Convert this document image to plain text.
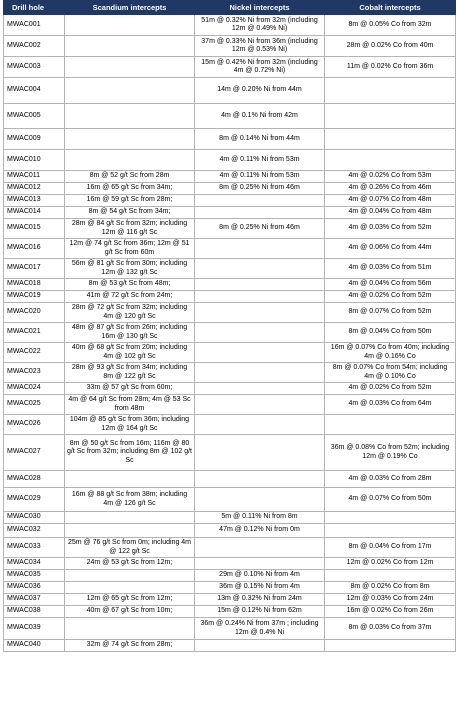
Drill hole	Scandium intercepts	Nickel intercepts	Cobalt intercepts
MWAC001		51m @ 0.32% Ni from 32m (including 12m @ 0.49% Ni)	8m @ 0.05% Co from 32m
MWAC002		37m @ 0.33% Ni from 36m (including 12m @ 0.53% Ni)	28m @ 0.02% Co from 40m
MWAC003		15m @ 0.42% Ni from 32m (including 4m @ 0.72% Ni)	11m @ 0.02% Co from 36m
MWAC004		14m @ 0.20% Ni from 44m	
MWAC005		4m @ 0.1% Ni from 42m	
MWAC009		8m @ 0.14% Ni from 44m	
MWAC010		4m @ 0.11% Ni from 53m	
MWAC011	8m @ 52 g/t Sc from 28m	4m @ 0.11% Ni from 53m	4m @ 0.02% Co from 53m
MWAC012	16m @ 65 g/t Sc from 34m;	8m @ 0.25% Ni from 46m	4m @ 0.26% Co from 46m
MWAC013	16m @ 59 g/t Sc from 28m;		4m @ 0.07% Co from 48m
MWAC014	8m @ 54 g/t Sc from 34m;		4m @ 0.04% Co from 48m
MWAC015	28m @ 84 g/t Sc from 32m; including 12m @ 116 g/t Sc	8m @ 0.25% Ni from 46m	4m @ 0.03% Co from 52m
MWAC016	12m @ 74 g/t Sc from 36m; 12m @ 51 g/t Sc from 60m		4m @ 0.06% Co from 44m
MWAC017	56m @ 81 g/t Sc from 30m; including 12m @ 132 g/t Sc		4m @ 0.03% Co from 51m
MWAC018	8m @ 53 g/t Sc from 48m;		4m @ 0.04% Co from 56m
MWAC019	41m @ 72 g/t Sc from 24m;		4m @ 0.02% Co from 52m
MWAC020	28m @ 72 g/t Sc from 32m; including 4m @ 120 g/t Sc		8m @ 0.07% Co from 52m
MWAC021	48m @ 87 g/t Sc from 26m; including 16m @ 130 g/t Sc		8m @ 0.04% Co from 50m
MWAC022	40m @ 68 g/t Sc from 20m; including 4m @ 102 g/t Sc		16m @ 0.07% Co from 40m; including 4m @ 0.16% Co
MWAC023	28m @ 93 g/t Sc from 34m; including 8m @ 122 g/t Sc		8m @ 0.07% Co from 54m; including 4m @ 0.10% Co
MWAC024	33m @ 57 g/t Sc from 60m;		4m @ 0.02% Co from 52m
MWAC025	4m @ 64 g/t Sc from 28m; 4m @ 53 Sc from 48m		4m @ 0.03% Co from 64m
MWAC026	104m @ 85 g/t Sc from 36m; including 12m @ 164 g/t Sc		
MWAC027	8m @ 50 g/t Sc from 16m; 116m @ 80 g/t Sc from 32m; including 8m @ 102 g/t Sc		36m @ 0.08% Co from 52m; including 12m @ 0.19% Co
MWAC028			4m @ 0.03% Co from 28m
MWAC029	16m @ 88 g/t Sc from 38m; including 4m @ 126 g/t Sc		4m @ 0.07% Co from 50m
MWAC030		5m @ 0.11% Ni from 8m	
MWAC032		47m @ 0.12% Ni from 0m	
MWAC033	25m @ 76 g/t Sc from 0m; including 4m @ 122 g/t Sc		8m @ 0.04% Co from 17m
MWAC034	24m @ 53 g/t Sc from 12m;		12m @ 0.02% Co from 12m
MWAC035		29m @ 0.10% Ni from 4m	
MWAC036		36m @ 0.15% Ni from 4m	8m @ 0.02% Co from 8m
MWAC037	12m @ 65 g/t Sc from 12m;	13m @ 0.32% Ni from 24m	12m @ 0.03% Co from 24m
MWAC038	40m @ 67 g/t Sc from 10m;	15m @ 0.12% Ni from 62m	16m @ 0.02% Co from 26m
MWAC039		36m @ 0.24% Ni from 37m ; including 12m @ 0.4% Ni	8m @ 0.03% Co from 37m
MWAC040	32m @ 74 g/t Sc from 28m;		
